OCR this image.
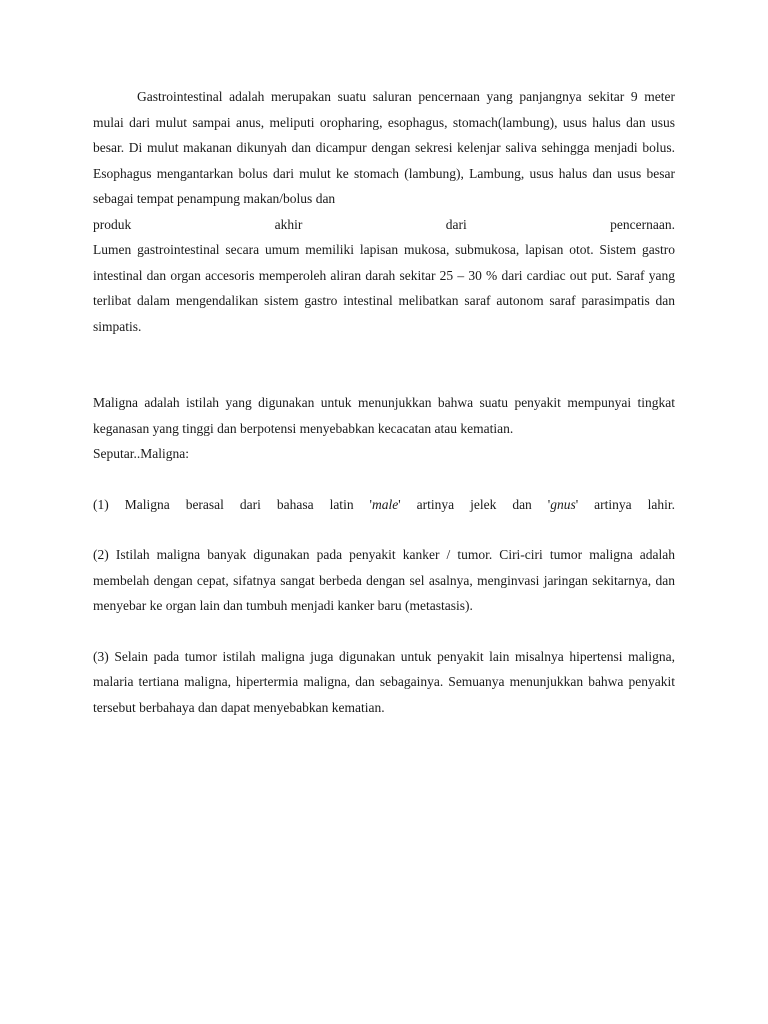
Gastrointestinal adalah merupakan suatu saluran pencernaan yang panjangnya sekitar 9 meter mulai dari mulut sampai anus, meliputi oropharing, esophagus, stomach(lambung), usus halus dan usus besar. Di mulut makanan dikunyah dan dicampur dengan sekresi kelenjar saliva sehingga menjadi bolus. Esophagus mengantarkan bolus dari mulut ke stomach (lambung), Lambung, usus halus dan usus besar sebagai tempat penampung makan/bolus dan

produk akhir dari pencernaan.

Lumen gastrointestinal secara umum memiliki lapisan mukosa, submukosa, lapisan otot. Sistem gastro intestinal dan organ accesoris memperoleh aliran darah sekitar 25 – 30 % dari cardiac out put. Saraf yang terlibat dalam mengendalikan sistem gastro intestinal melibatkan saraf autonom saraf parasimpatis dan simpatis.

Maligna adalah istilah yang digunakan untuk menunjukkan bahwa suatu penyakit mempunyai tingkat keganasan yang tinggi dan berpotensi menyebabkan kecacatan atau kematian.

Seputar..Maligna:

(1) Maligna berasal dari bahasa latin 'male' artinya jelek dan 'gnus' artinya lahir.

(2) Istilah maligna banyak digunakan pada penyakit kanker / tumor. Ciri-ciri tumor maligna adalah membelah dengan cepat, sifatnya sangat berbeda dengan sel asalnya, menginvasi jaringan sekitarnya, dan menyebar ke organ lain dan tumbuh menjadi kanker baru (metastasis).

(3) Selain pada tumor istilah maligna juga digunakan untuk penyakit lain misalnya hipertensi maligna, malaria tertiana maligna, hipertermia maligna, dan sebagainya. Semuanya menunjukkan bahwa penyakit tersebut berbahaya dan dapat menyebabkan kematian.
